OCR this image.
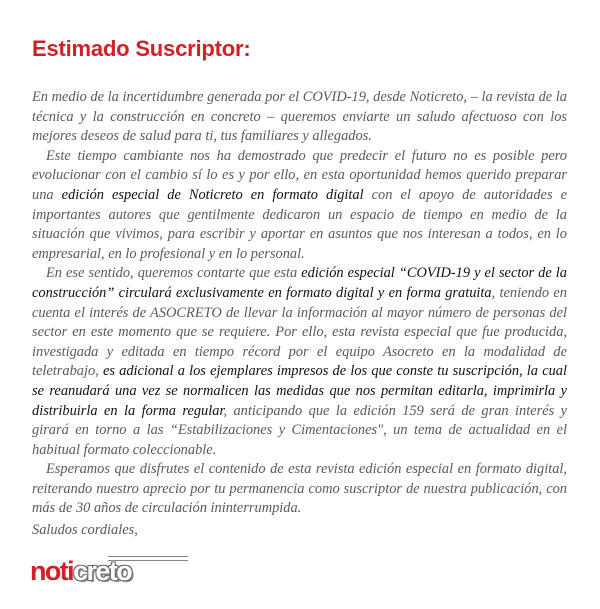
Estimado Suscriptor:

En medio de la incertidumbre generada por el COVID-19, desde Noticreto, – la revista de la técnica y la construcción en concreto – queremos enviarte un saludo afectuoso con los mejores deseos de salud para ti, tus familiares y allegados.

Este tiempo cambiante nos ha demostrado que predecir el futuro no es posible pero evolucionar con el cambio sí lo es y por ello, en esta oportunidad hemos querido preparar una edición especial de Noticreto en formato digital con el apoyo de autoridades e importantes autores que gentilmente dedicaron un espacio de tiempo en medio de la situación que vivimos, para escribir y aportar en asuntos que nos interesan a todos, en lo empresarial, en lo profesional y en lo personal.

En ese sentido, queremos contarte que esta edición especial “COVID-19 y el sector de la construcción” circulará exclusivamente en formato digital y en forma gratuita, teniendo en cuenta el interés de ASOCRETO de llevar la información al mayor número de personas del sector en este momento que se requiere. Por ello, esta revista especial que fue producida, investigada y editada en tiempo récord por el equipo Asocreto en la modalidad de teletrabajo, es adicional a los ejemplares impresos de los que conste tu suscripción, la cual se reanudará una vez se normalicen las medidas que nos permitan editarla, imprimirla y distribuirla en la forma regular, anticipando que la edición 159 será de gran interés y girará en torno a las “Estabilizaciones y Cimentaciones", un tema de actualidad en el habitual formato coleccionable.

Esperamos que disfrutes el contenido de esta revista edición especial en formato digital, reiterando nuestro aprecio por tu permanencia como suscriptor de nuestra publicación, con más de 30 años de circulación ininterrumpida.

Saludos cordiales,
noticreto
